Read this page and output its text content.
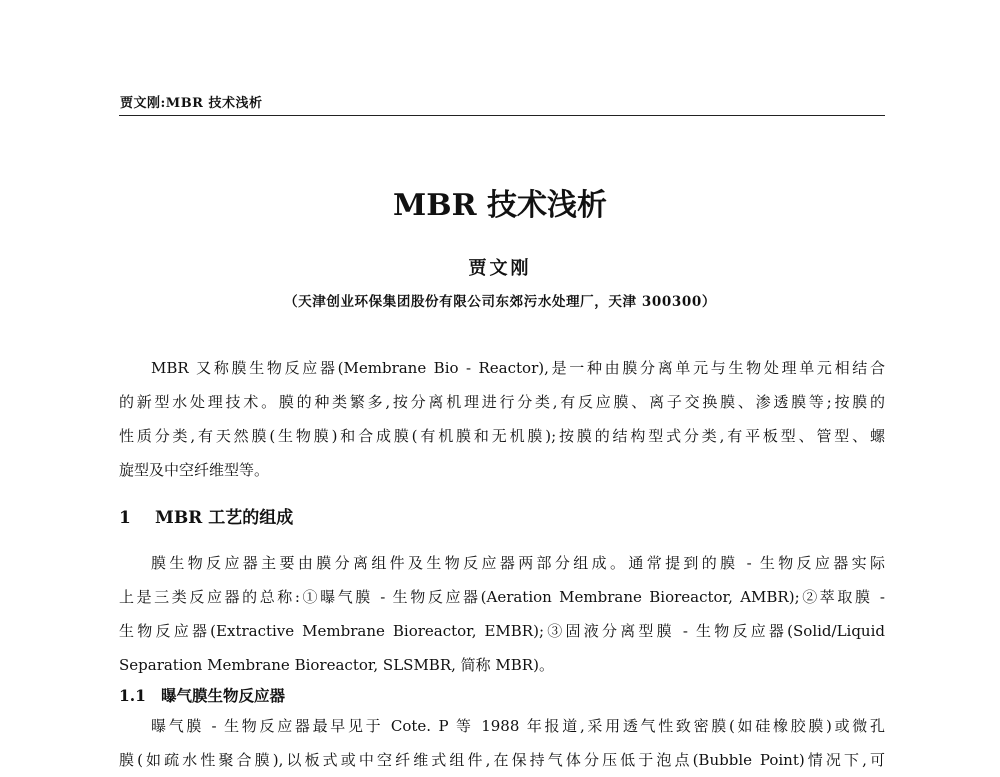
贾文刚:MBR 技术浅析
MBR 技术浅析
贾文刚
（天津创业环保集团股份有限公司东郊污水处理厂，天津 300300）
MBR 又称膜生物反应器(Membrane Bio - Reactor),是一种由膜分离单元与生物处理单元相结合
的新型水处理技术。膜的种类繁多,按分离机理进行分类,有反应膜、离子交换膜、渗透膜等;按膜的
性质分类,有天然膜(生物膜)和合成膜(有机膜和无机膜);按膜的结构型式分类,有平板型、管型、螺
旋型及中空纤维型等。
1 MBR 工艺的组成
膜生物反应器主要由膜分离组件及生物反应器两部分组成。通常提到的膜 - 生物反应器实际
上是三类反应器的总称:①曝气膜 - 生物反应器(Aeration Membrane Bioreactor, AMBR);②萃取膜 -
生物反应器(Extractive Membrane Bioreactor, EMBR);③固液分离型膜 - 生物反应器(Solid/Liquid
Separation Membrane Bioreactor, SLSMBR, 简称 MBR)。
1.1 曝气膜生物反应器
曝气膜 - 生物反应器最早见于 Cote. P 等 1988 年报道,采用透气性致密膜(如硅橡胶膜)或微孔
膜(如疏水性聚合膜),以板式或中空纤维式组件,在保持气体分压低于泡点(Bubble Point)情况下,可
